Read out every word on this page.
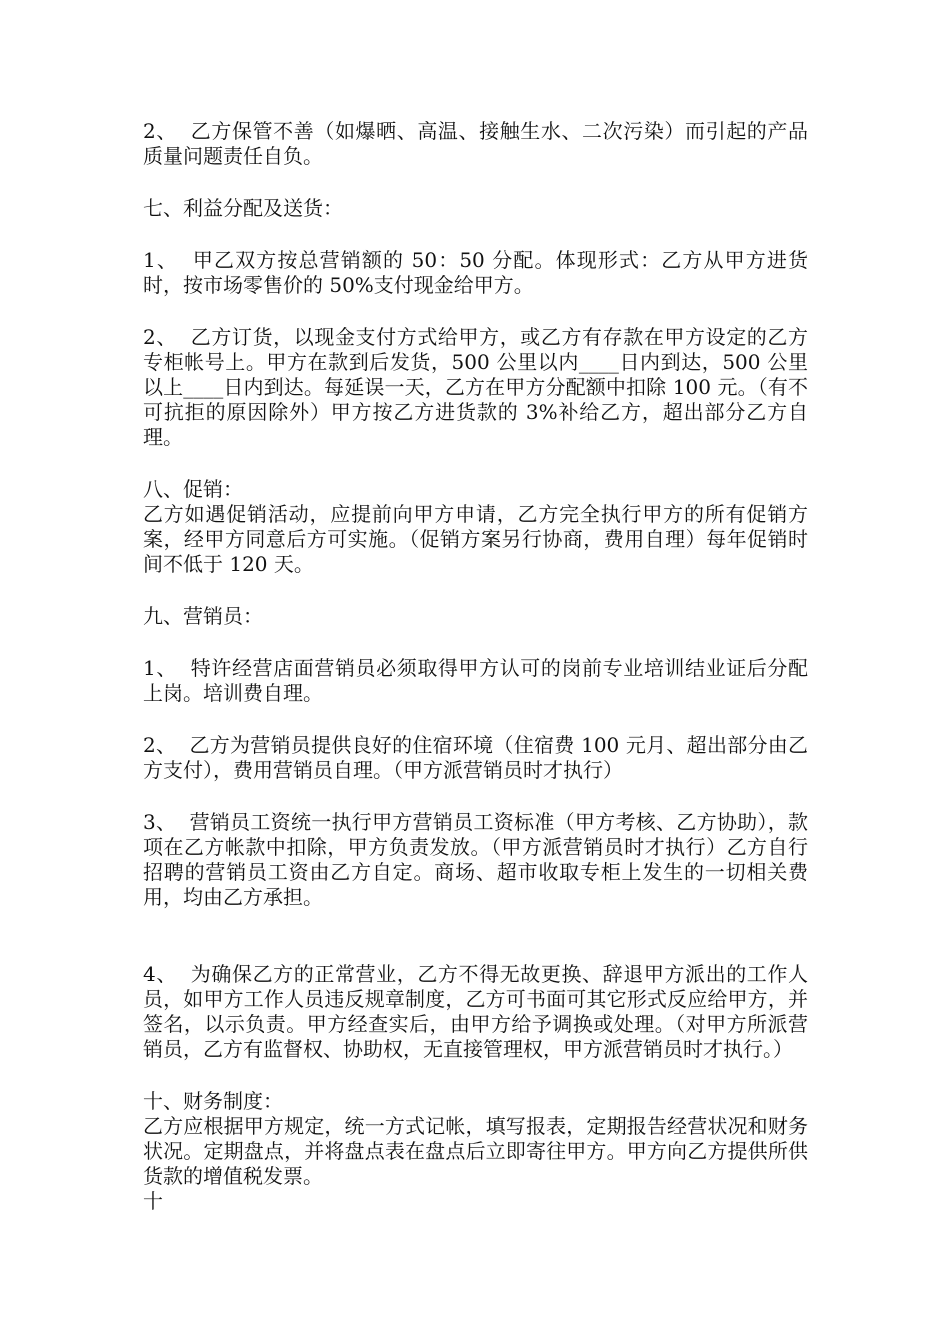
2、  乙方保管不善（如爆晒、高温、接触生水、二次污染）而引起的产品质量问题责任自负。

七、利益分配及送货：

1、  甲乙双方按总营销额的 50：50 分配。体现形式：乙方从甲方进货时，按市场零售价的 50%支付现金给甲方。

2、  乙方订货，以现金支付方式给甲方，或乙方有存款在甲方设定的乙方专柜帐号上。甲方在款到后发货，500 公里以内____日内到达，500 公里以上____日内到达。每延误一天，乙方在甲方分配额中扣除 100 元。（有不可抗拒的原因除外）甲方按乙方进货款的 3%补给乙方，超出部分乙方自理。

八、促销：

乙方如遇促销活动，应提前向甲方申请，乙方完全执行甲方的所有促销方案，经甲方同意后方可实施。（促销方案另行协商，费用自理）每年促销时间不低于 120 天。

九、营销员：

1、  特许经营店面营销员必须取得甲方认可的岗前专业培训结业证后分配上岗。培训费自理。

2、  乙方为营销员提供良好的住宿环境（住宿费 100 元月、超出部分由乙方支付），费用营销员自理。（甲方派营销员时才执行）

3、  营销员工资统一执行甲方营销员工资标准（甲方考核、乙方协助），款项在乙方帐款中扣除，甲方负责发放。（甲方派营销员时才执行）乙方自行招聘的营销员工资由乙方自定。商场、超市收取专柜上发生的一切相关费用，均由乙方承担。

4、  为确保乙方的正常营业，乙方不得无故更换、辞退甲方派出的工作人员，如甲方工作人员违反规章制度，乙方可书面可其它形式反应给甲方，并签名，以示负责。甲方经查实后，由甲方给予调换或处理。（对甲方所派营销员，乙方有监督权、协助权，无直接管理权，甲方派营销员时才执行。）

十、财务制度：

乙方应根据甲方规定，统一方式记帐，填写报表，定期报告经营状况和财务状况。定期盘点，并将盘点表在盘点后立即寄往甲方。甲方向乙方提供所供货款的增值税发票。

十
